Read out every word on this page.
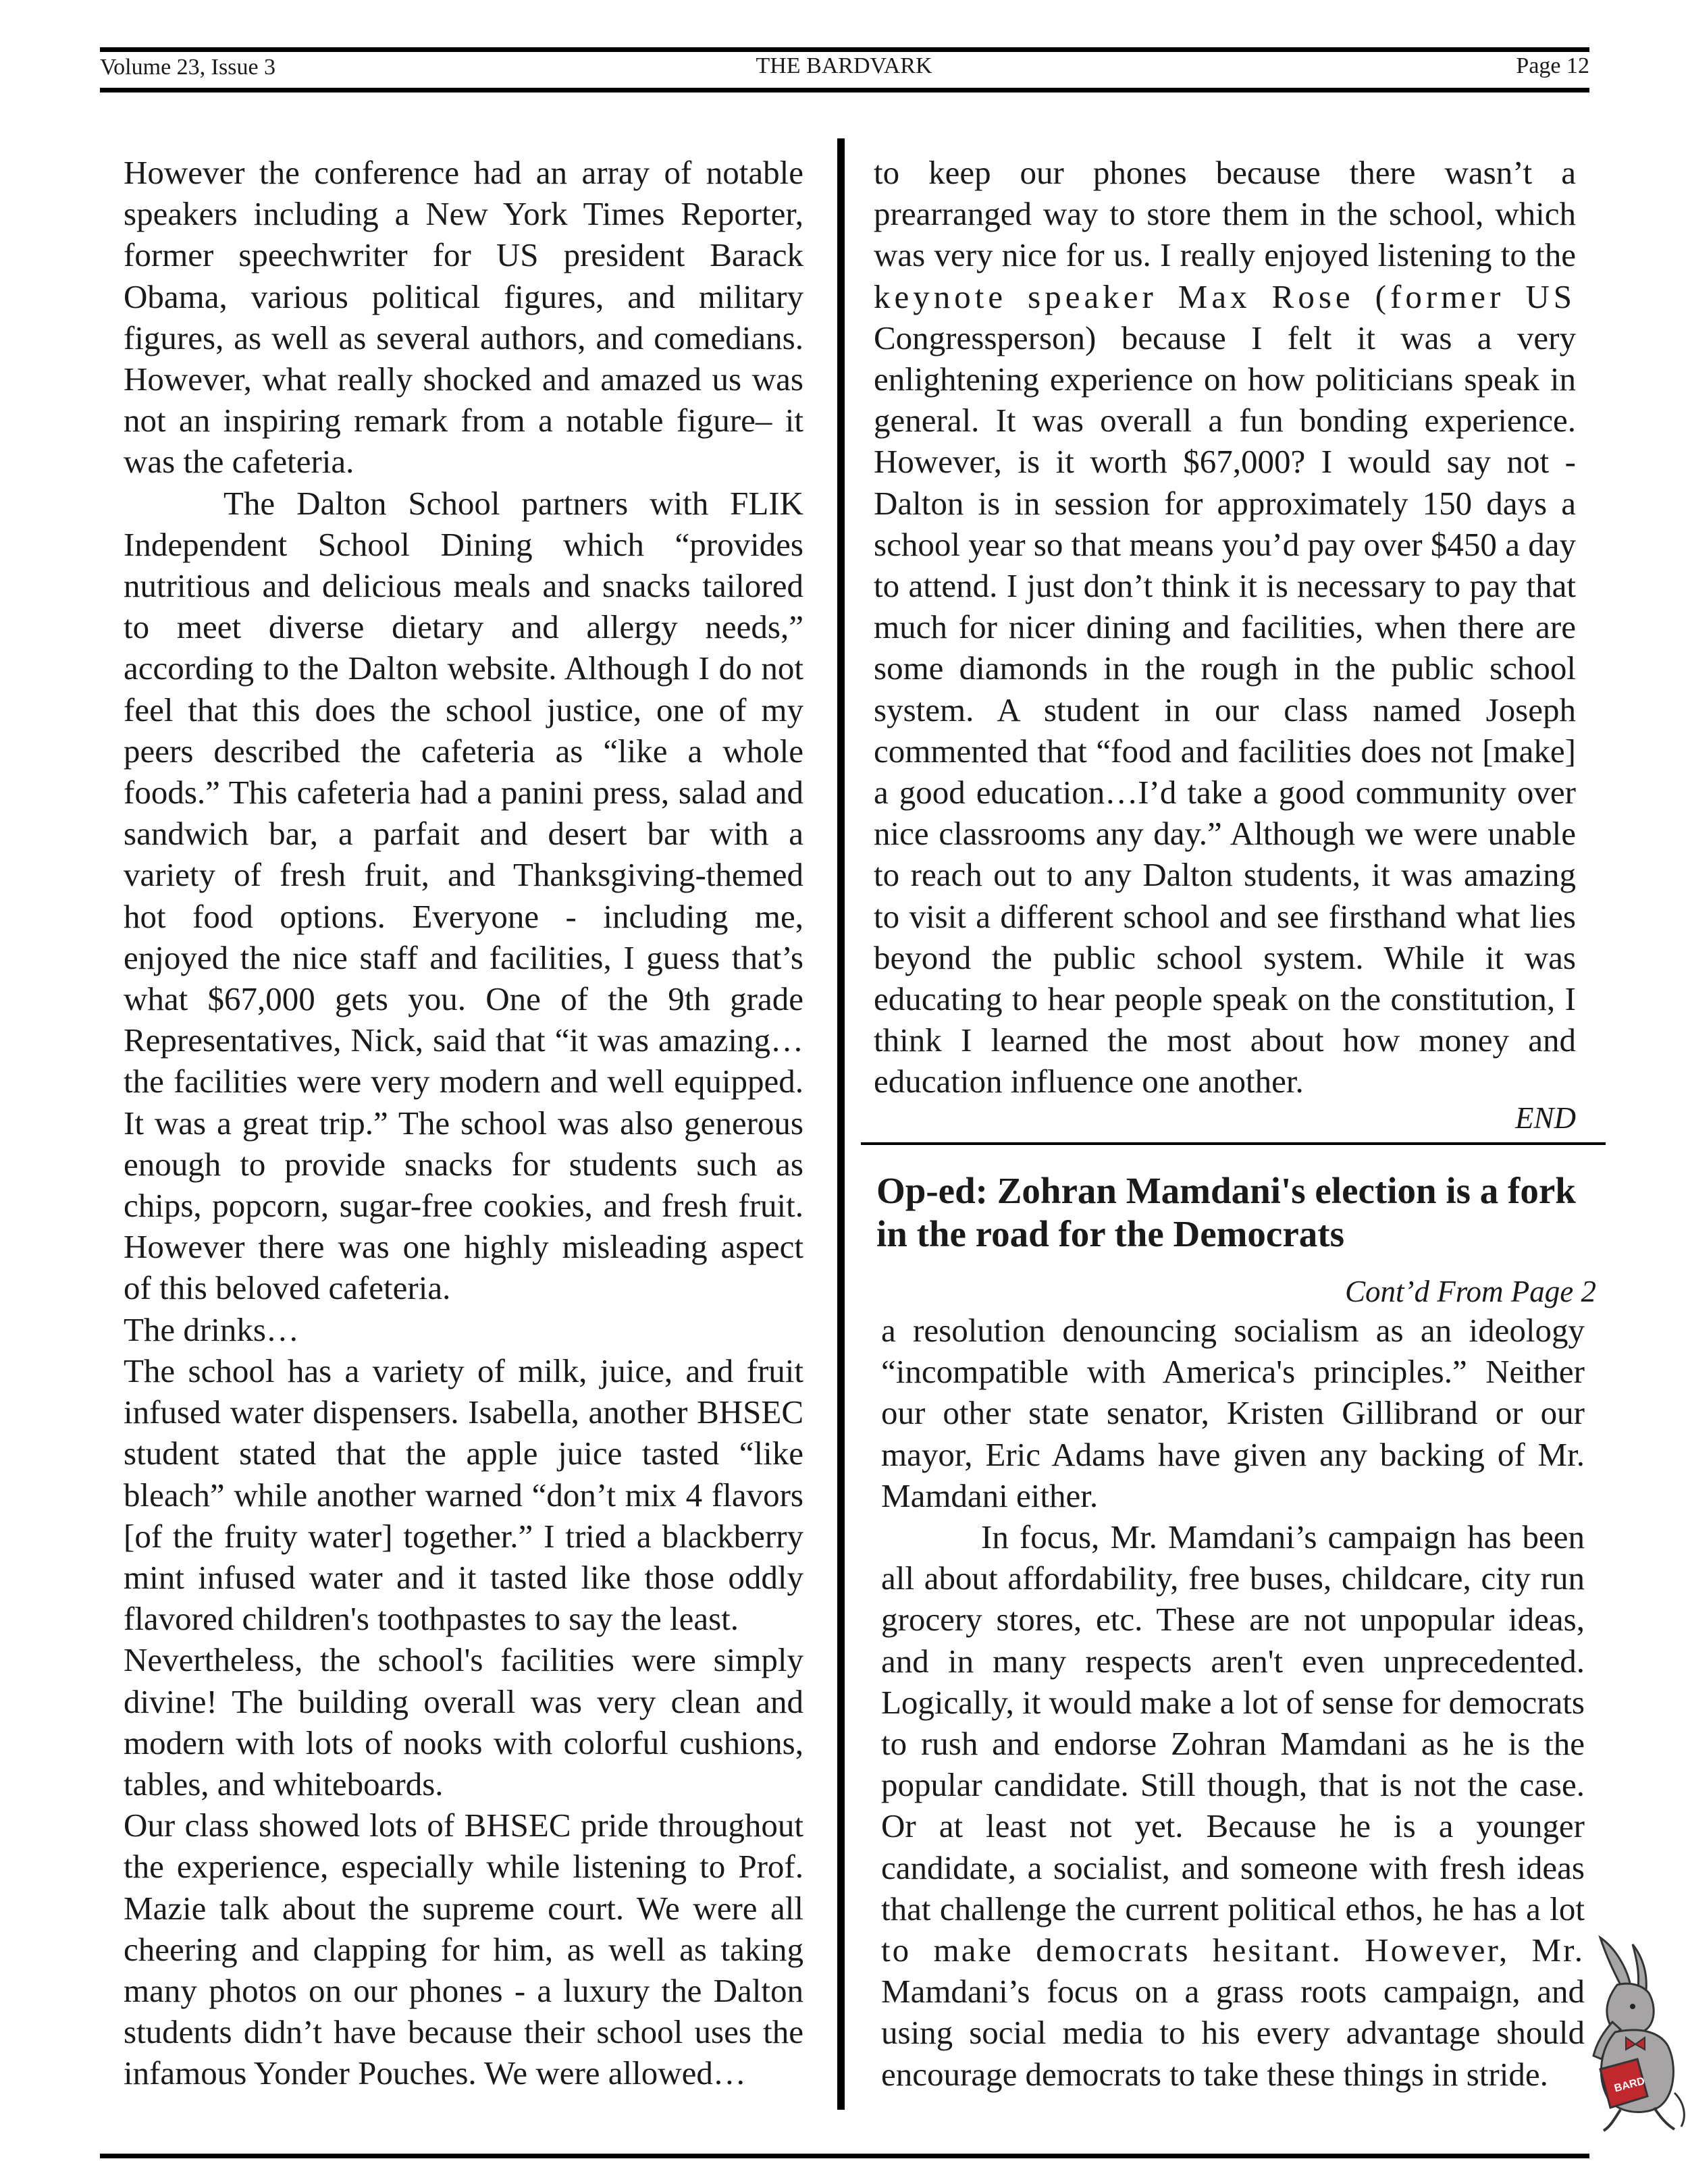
Volume 23, Issue 3	THE BARDVARK	Page 12

However the conference had an array of notable speakers including a New York Times Reporter, former speechwriter for US president Barack Obama, various political figures, and military figures, as well as several authors, and comedians. However, what really shocked and amazed us was not an inspiring remark from a notable figure– it was the cafeteria.

The Dalton School partners with FLIK Independent School Dining which “provides nutritious and delicious meals and snacks tailored to meet diverse dietary and allergy needs,” according to the Dalton website. Although I do not feel that this does the school justice, one of my peers described the cafeteria as “like a whole foods.” This cafeteria had a panini press, salad and sandwich bar, a parfait and desert bar with a variety of fresh fruit, and Thanksgiving-themed hot food options. Everyone - including me, enjoyed the nice staff and facilities, I guess that’s what $67,000 gets you. One of the 9th grade Representatives, Nick, said that “it was amazing…the facilities were very modern and well equipped. It was a great trip.” The school was also generous enough to provide snacks for students such as chips, popcorn, sugar-free cookies, and fresh fruit. However there was one highly misleading aspect of this beloved cafeteria.

The drinks…

The school has a variety of milk, juice, and fruit infused water dispensers. Isabella, another BHSEC student stated that the apple juice tasted “like bleach” while another warned “don’t mix 4 flavors [of the fruity water] together.” I tried a blackberry mint infused water and it tasted like those oddly flavored children's toothpastes to say the least.

Nevertheless, the school's facilities were simply divine! The building overall was very clean and modern with lots of nooks with colorful cushions, tables, and whiteboards.

Our class showed lots of BHSEC pride throughout the experience, especially while listening to Prof. Mazie talk about the supreme court. We were all cheering and clapping for him, as well as taking many photos on our phones - a luxury the Dalton students didn’t have because their school uses the infamous Yonder Pouches. We were allowed…

to keep our phones because there wasn’t a prearranged way to store them in the school, which was very nice for us. I really enjoyed listening to the keynote speaker Max Rose (former US Congressperson) because I felt it was a very enlightening experience on how politicians speak in general. It was overall a fun bonding experience. However, is it worth $67,000? I would say not - Dalton is in session for approximately 150 days a school year so that means you’d pay over $450 a day to attend. I just don’t think it is necessary to pay that much for nicer dining and facilities, when there are some diamonds in the rough in the public school system. A student in our class named Joseph commented that “food and facilities does not [make] a good education…I’d take a good community over nice classrooms any day.” Although we were unable to reach out to any Dalton students, it was amazing to visit a different school and see firsthand what lies beyond the public school system. While it was educating to hear people speak on the constitution, I think I learned the most about how money and education influence one another.

END
Op-ed: Zohran Mamdani's election is a fork in the road for the Democrats
Cont’d From Page 2

a resolution denouncing socialism as an ideology “incompatible with America's principles.” Neither our other state senator, Kristen Gillibrand or our mayor, Eric Adams have given any backing of Mr. Mamdani either.

In focus, Mr. Mamdani’s campaign has been all about affordability, free buses, childcare, city run grocery stores, etc. These are not unpopular ideas, and in many respects aren't even unprecedented. Logically, it would make a lot of sense for democrats to rush and endorse Zohran Mamdani as he is the popular candidate. Still though, that is not the case. Or at least not yet. Because he is a younger candidate, a socialist, and someone with fresh ideas that challenge the current political ethos, he has a lot to make democrats hesitant. However, Mr. Mamdani’s focus on a grass roots campaign, and using social media to his every advantage should encourage democrats to take these things in stride.	BARD
